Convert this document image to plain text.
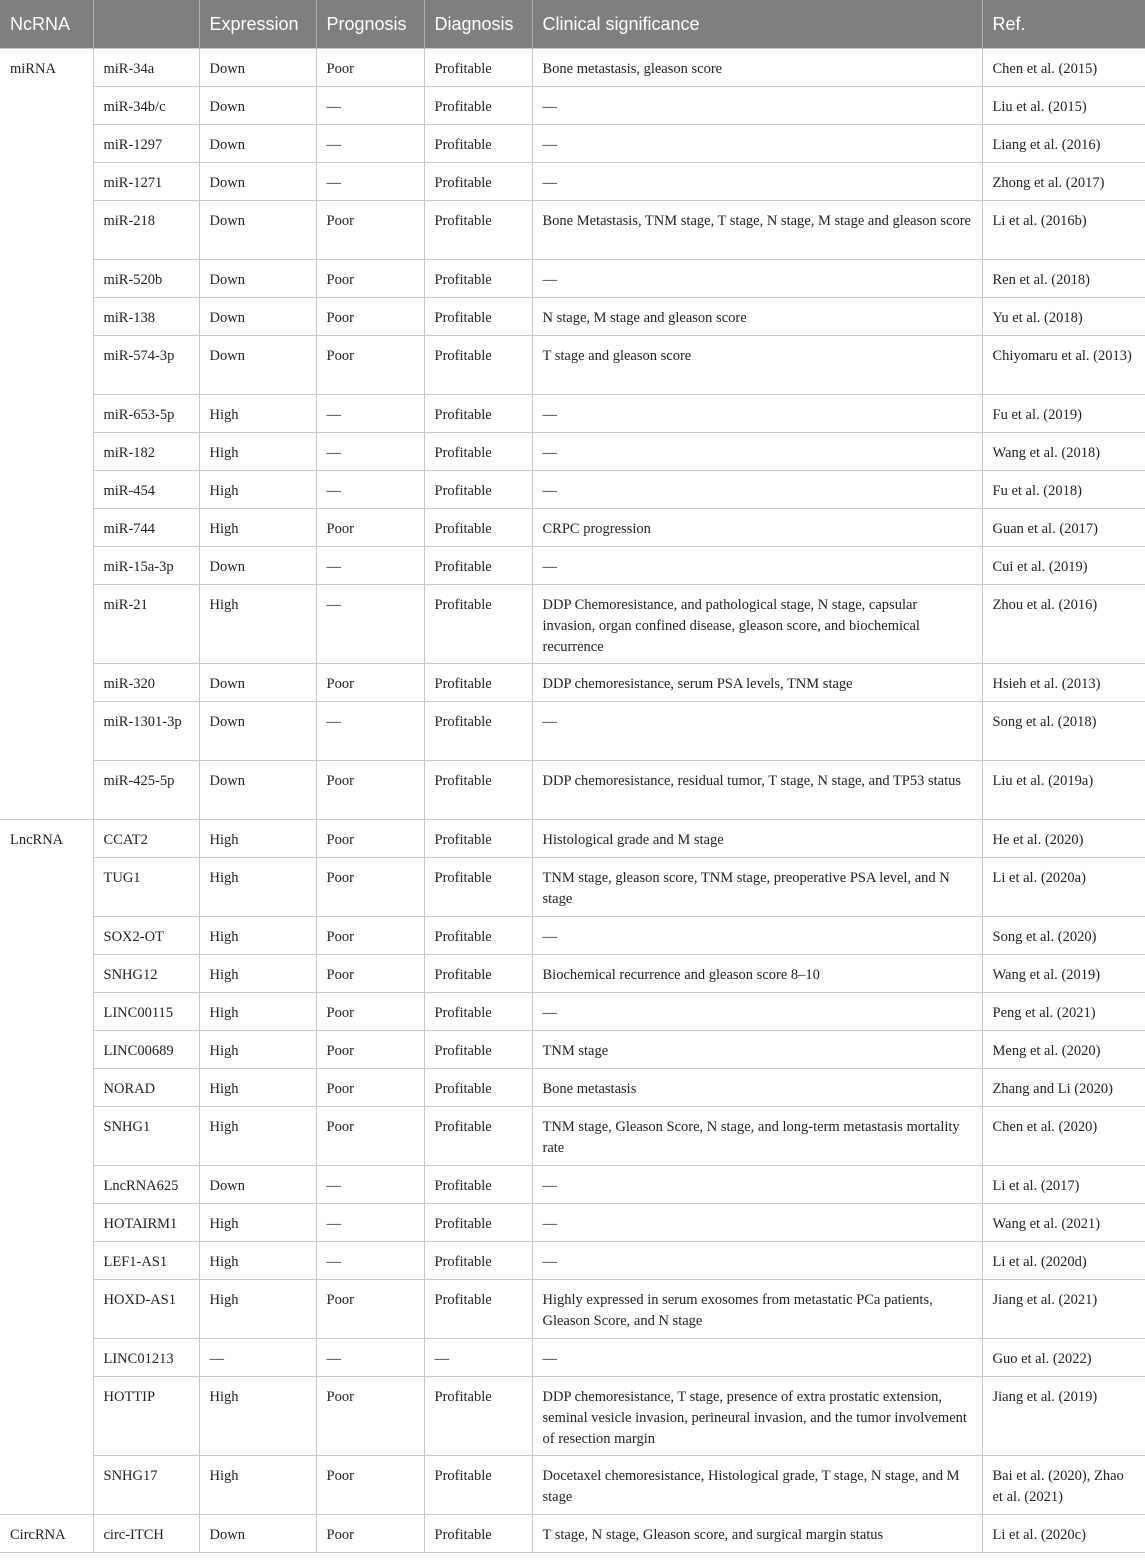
NcRNA		Expression	Prognosis	Diagnosis	Clinical significance	Ref.
miRNA	miR-34a	Down	Poor	Profitable	Bone metastasis, gleason score	Chen et al. (2015)
	miR-34b/c	Down	—	Profitable	—	Liu et al. (2015)
	miR-1297	Down	—	Profitable	—	Liang et al. (2016)
	miR-1271	Down	—	Profitable	—	Zhong et al. (2017)
	miR-218	Down	Poor	Profitable	Bone Metastasis, TNM stage, T stage, N stage, M stage and gleason score	Li et al. (2016b)
	miR-520b	Down	Poor	Profitable	—	Ren et al. (2018)
	miR-138	Down	Poor	Profitable	N stage, M stage and gleason score	Yu et al. (2018)
	miR-574-3p	Down	Poor	Profitable	T stage and gleason score	Chiyomaru et al. (2013)
	miR-653-5p	High	—	Profitable	—	Fu et al. (2019)
	miR-182	High	—	Profitable	—	Wang et al. (2018)
	miR-454	High	—	Profitable	—	Fu et al. (2018)
	miR-744	High	Poor	Profitable	CRPC progression	Guan et al. (2017)
	miR-15a-3p	Down	—	Profitable	—	Cui et al. (2019)
	miR-21	High	—	Profitable	DDP Chemoresistance, and pathological stage, N stage, capsular invasion, organ confined disease, gleason score, and biochemical recurrence	Zhou et al. (2016)
	miR-320	Down	Poor	Profitable	DDP chemoresistance, serum PSA levels, TNM stage	Hsieh et al. (2013)
	miR-1301-3p	Down	—	Profitable	—	Song et al. (2018)
	miR-425-5p	Down	Poor	Profitable	DDP chemoresistance, residual tumor, T stage, N stage, and TP53 status	Liu et al. (2019a)
LncRNA	CCAT2	High	Poor	Profitable	Histological grade and M stage	He et al. (2020)
	TUG1	High	Poor	Profitable	TNM stage, gleason score, TNM stage, preoperative PSA level, and N stage	Li et al. (2020a)
	SOX2-OT	High	Poor	Profitable	—	Song et al. (2020)
	SNHG12	High	Poor	Profitable	Biochemical recurrence and gleason score 8–10	Wang et al. (2019)
	LINC00115	High	Poor	Profitable	—	Peng et al. (2021)
	LINC00689	High	Poor	Profitable	TNM stage	Meng et al. (2020)
	NORAD	High	Poor	Profitable	Bone metastasis	Zhang and Li (2020)
	SNHG1	High	Poor	Profitable	TNM stage, Gleason Score, N stage, and long-term metastasis mortality rate	Chen et al. (2020)
	LncRNA625	Down	—	Profitable	—	Li et al. (2017)
	HOTAIRM1	High	—	Profitable	—	Wang et al. (2021)
	LEF1-AS1	High	—	Profitable	—	Li et al. (2020d)
	HOXD-AS1	High	Poor	Profitable	Highly expressed in serum exosomes from metastatic PCa patients, Gleason Score, and N stage	Jiang et al. (2021)
	LINC01213	—	—	—	—	Guo et al. (2022)
	HOTTIP	High	Poor	Profitable	DDP chemoresistance, T stage, presence of extra prostatic extension, seminal vesicle invasion, perineural invasion, and the tumor involvement of resection margin	Jiang et al. (2019)
	SNHG17	High	Poor	Profitable	Docetaxel chemoresistance, Histological grade, T stage, N stage, and M stage	Bai et al. (2020), Zhao et al. (2021)
CircRNA	circ-ITCH	Down	Poor	Profitable	T stage, N stage, Gleason score, and surgical margin status	Li et al. (2020c)
